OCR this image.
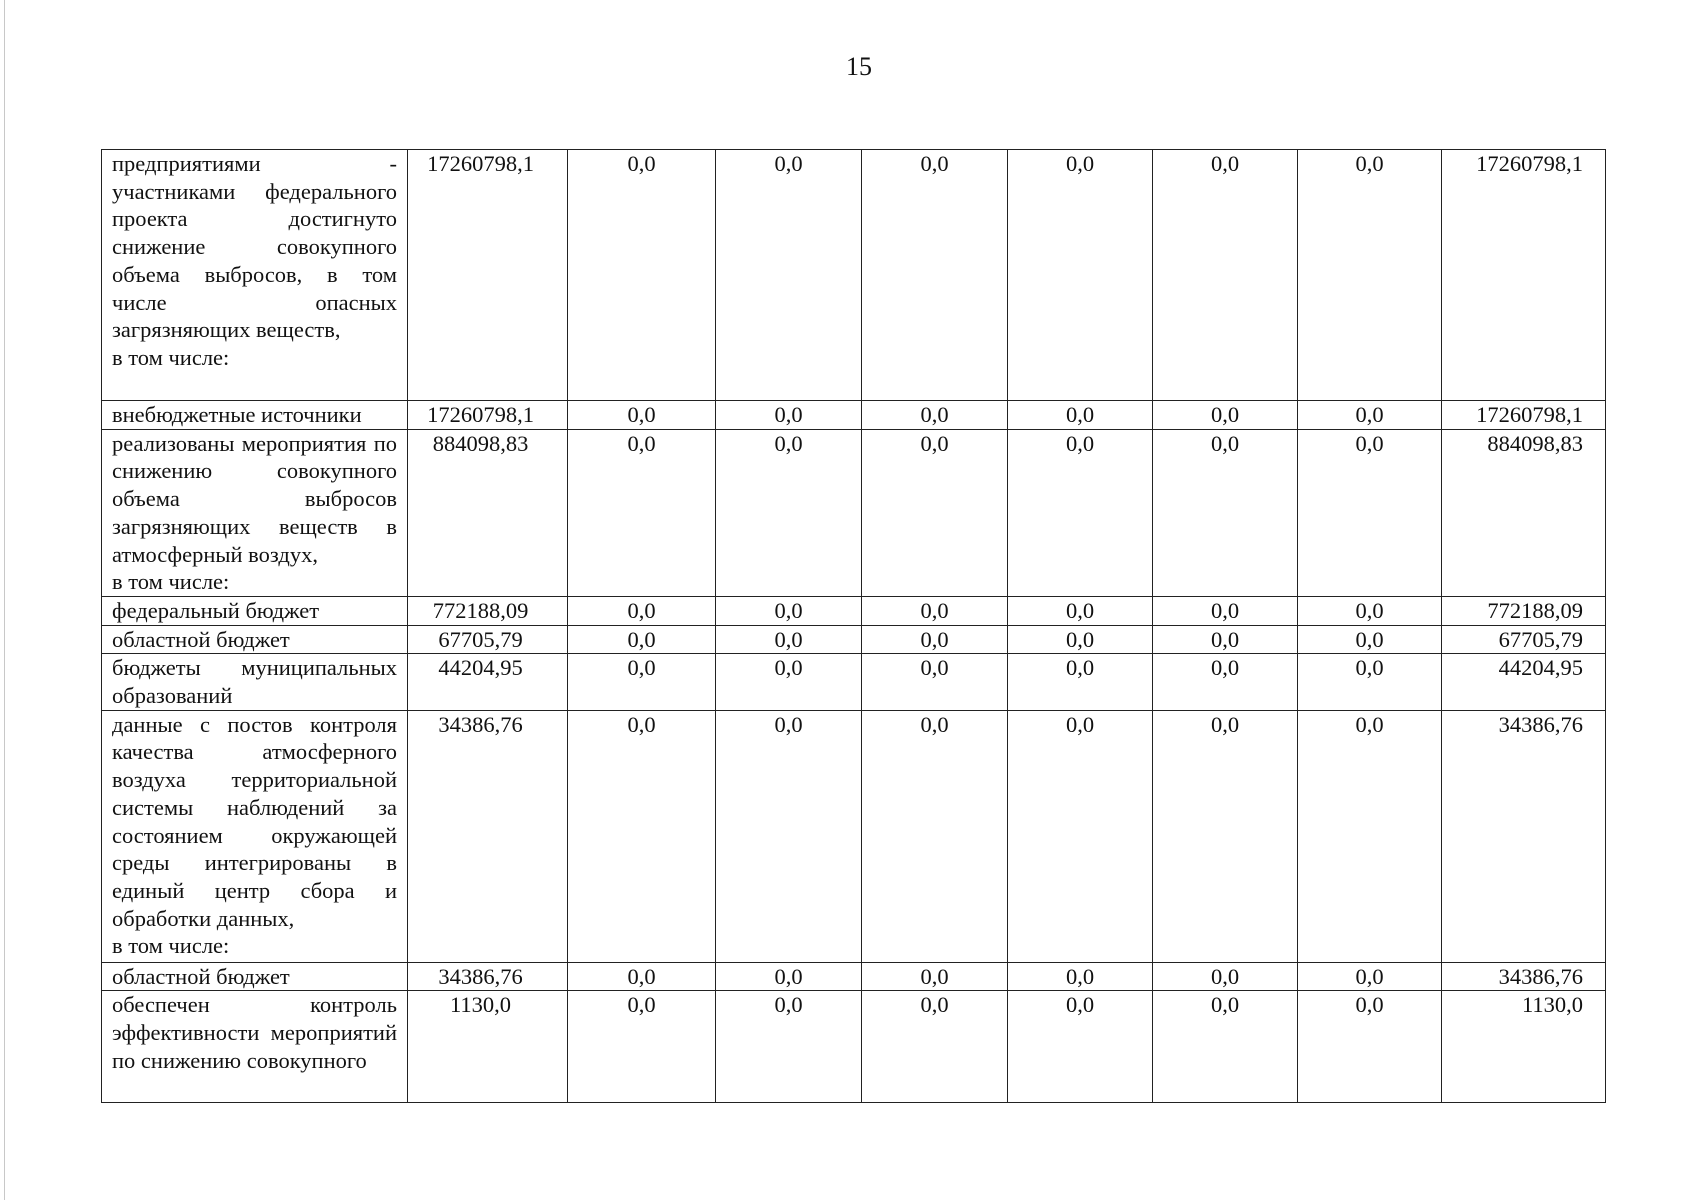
15
предприятиями - участниками федерального проекта достигнуто снижение совокупного объема выбросов, в том числе опасных загрязняющих веществ,
в том числе:	17260798,1	0,0	0,0	0,0	0,0	0,0	0,0	17260798,1

внебюджетные источники	17260798,1	0,0	0,0	0,0	0,0	0,0	0,0	17260798,1

реализованы мероприятия по снижению совокупного объема выбросов загрязняющих веществ в атмосферный воздух,
в том числе:	884098,83	0,0	0,0	0,0	0,0	0,0	0,0	884098,83

федеральный бюджет	772188,09	0,0	0,0	0,0	0,0	0,0	0,0	772188,09

областной бюджет	67705,79	0,0	0,0	0,0	0,0	0,0	0,0	67705,79

бюджеты муниципальных образований	44204,95	0,0	0,0	0,0	0,0	0,0	0,0	44204,95

данные с постов контроля качества атмосферного воздуха территориальной системы наблюдений за состоянием окружающей среды интегрированы в единый центр сбора и обработки данных,
в том числе:	34386,76	0,0	0,0	0,0	0,0	0,0	0,0	34386,76

областной бюджет	34386,76	0,0	0,0	0,0	0,0	0,0	0,0	34386,76

обеспечен контроль эффективности мероприятий по снижению совокупного	1130,0	0,0	0,0	0,0	0,0	0,0	0,0	1130,0
